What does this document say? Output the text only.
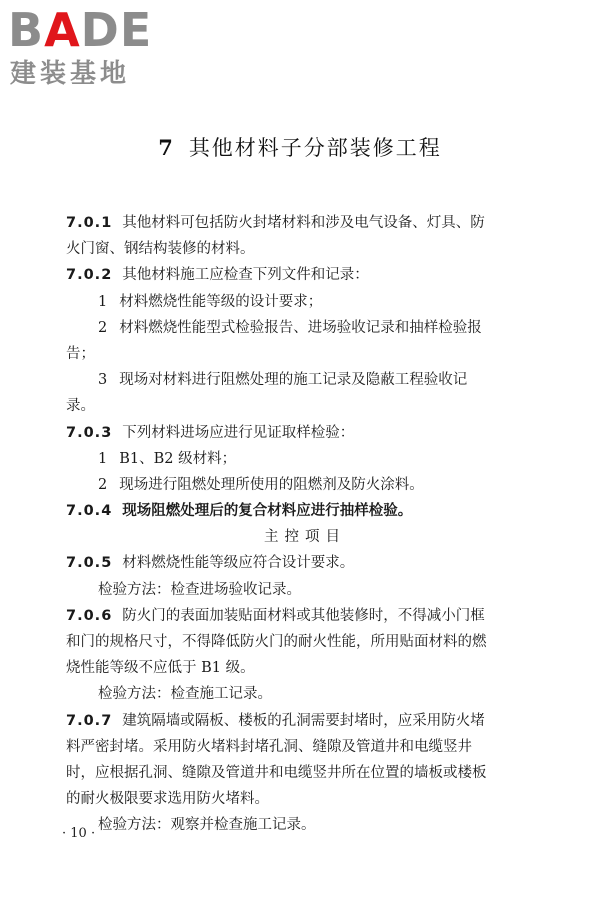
BADE
建装基地
7 其他材料子分部装修工程
7.0.1 其他材料可包括防火封堵材料和涉及电气设备、灯具、防
火门窗、钢结构装修的材料。
7.0.2 其他材料施工应检查下列文件和记录：
1 材料燃烧性能等级的设计要求；
2 材料燃烧性能型式检验报告、进场验收记录和抽样检验报
告；
3 现场对材料进行阻燃处理的施工记录及隐蔽工程验收记
录。
7.0.3 下列材料进场应进行见证取样检验：
1 B1、B2 级材料；
2 现场进行阻燃处理所使用的阻燃剂及防火涂料。
7.0.4 现场阻燃处理后的复合材料应进行抽样检验。
主控项目
7.0.5 材料燃烧性能等级应符合设计要求。
检验方法：检查进场验收记录。
7.0.6 防火门的表面加装贴面材料或其他装修时，不得减小门框
和门的规格尺寸，不得降低防火门的耐火性能，所用贴面材料的燃
烧性能等级不应低于 B1 级。
检验方法：检查施工记录。
7.0.7 建筑隔墙或隔板、楼板的孔洞需要封堵时，应采用防火堵
料严密封堵。采用防火堵料封堵孔洞、缝隙及管道井和电缆竖井
时，应根据孔洞、缝隙及管道井和电缆竖井所在位置的墙板或楼板
的耐火极限要求选用防火堵料。
检验方法：观察并检查施工记录。
· 10 ·
